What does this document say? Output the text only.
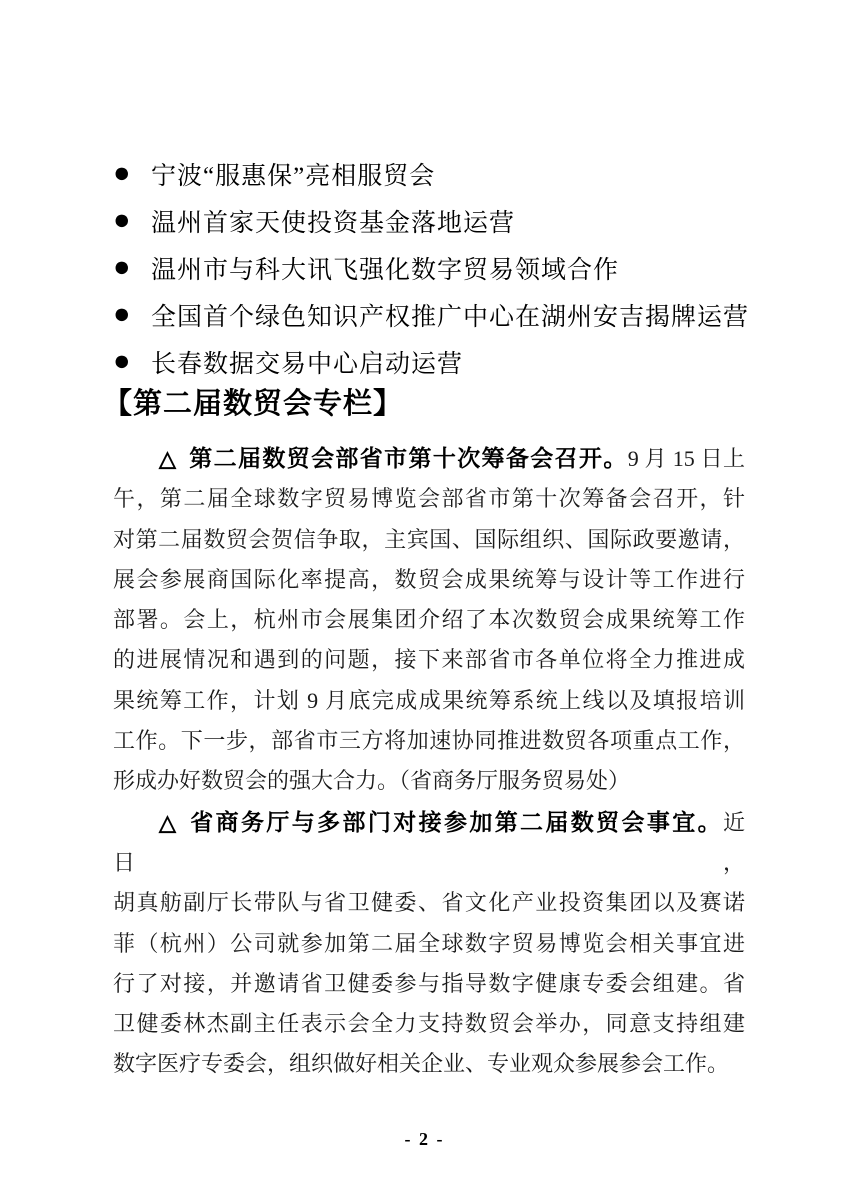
● 宁波“服惠保”亮相服贸会
● 温州首家天使投资基金落地运营
● 温州市与科大讯飞强化数字贸易领域合作
● 全国首个绿色知识产权推广中心在湖州安吉揭牌运营
● 长春数据交易中心启动运营
【第二届数贸会专栏】
△ 第二届数贸会部省市第十次筹备会召开。9 月 15 日上
午，第二届全球数字贸易博览会部省市第十次筹备会召开，针
对第二届数贸会贺信争取，主宾国、国际组织、国际政要邀请，
展会参展商国际化率提高，数贸会成果统筹与设计等工作进行
部署。会上，杭州市会展集团介绍了本次数贸会成果统筹工作
的进展情况和遇到的问题，接下来部省市各单位将全力推进成
果统筹工作，计划 9 月底完成成果统筹系统上线以及填报培训
工作。下一步，部省市三方将加速协同推进数贸各项重点工作，
形成办好数贸会的强大合力。（省商务厅服务贸易处）
△ 省商务厅与多部门对接参加第二届数贸会事宜。近日，
胡真舫副厅长带队与省卫健委、省文化产业投资集团以及赛诺
菲（杭州）公司就参加第二届全球数字贸易博览会相关事宜进
行了对接，并邀请省卫健委参与指导数字健康专委会组建。省
卫健委林杰副主任表示会全力支持数贸会举办，同意支持组建
数字医疗专委会，组织做好相关企业、专业观众参展参会工作。
- 2 -
